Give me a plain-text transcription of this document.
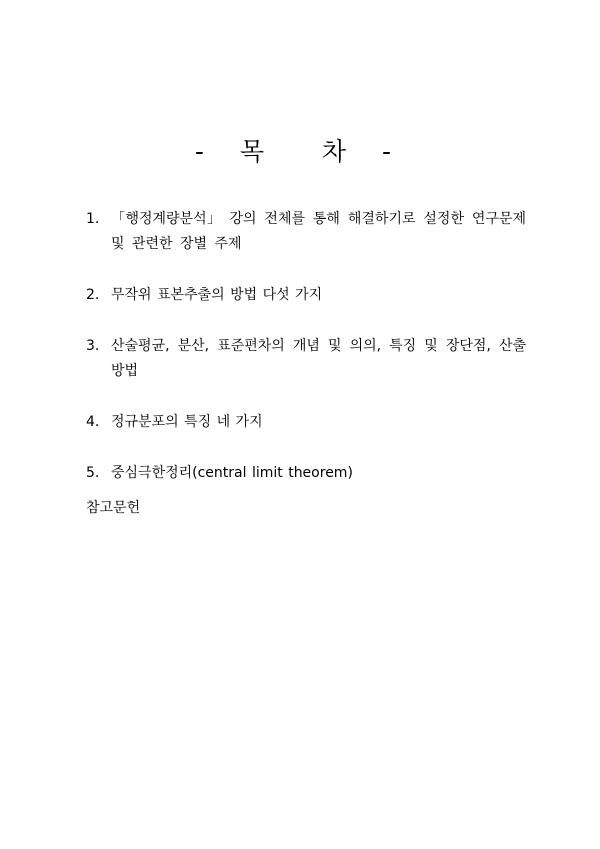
- 목  차 -
1. 「행정계량분석」 강의 전체를 통해 해결하기로 설정한 연구문제 및 관련한 장별 주제
2. 무작위 표본추출의 방법 다섯 가지
3. 산술평균, 분산, 표준편차의 개념 및 의의, 특징 및 장단점, 산출방법
4. 정규분포의 특징 네 가지
5. 중심극한정리(central limit theorem)
참고문헌
